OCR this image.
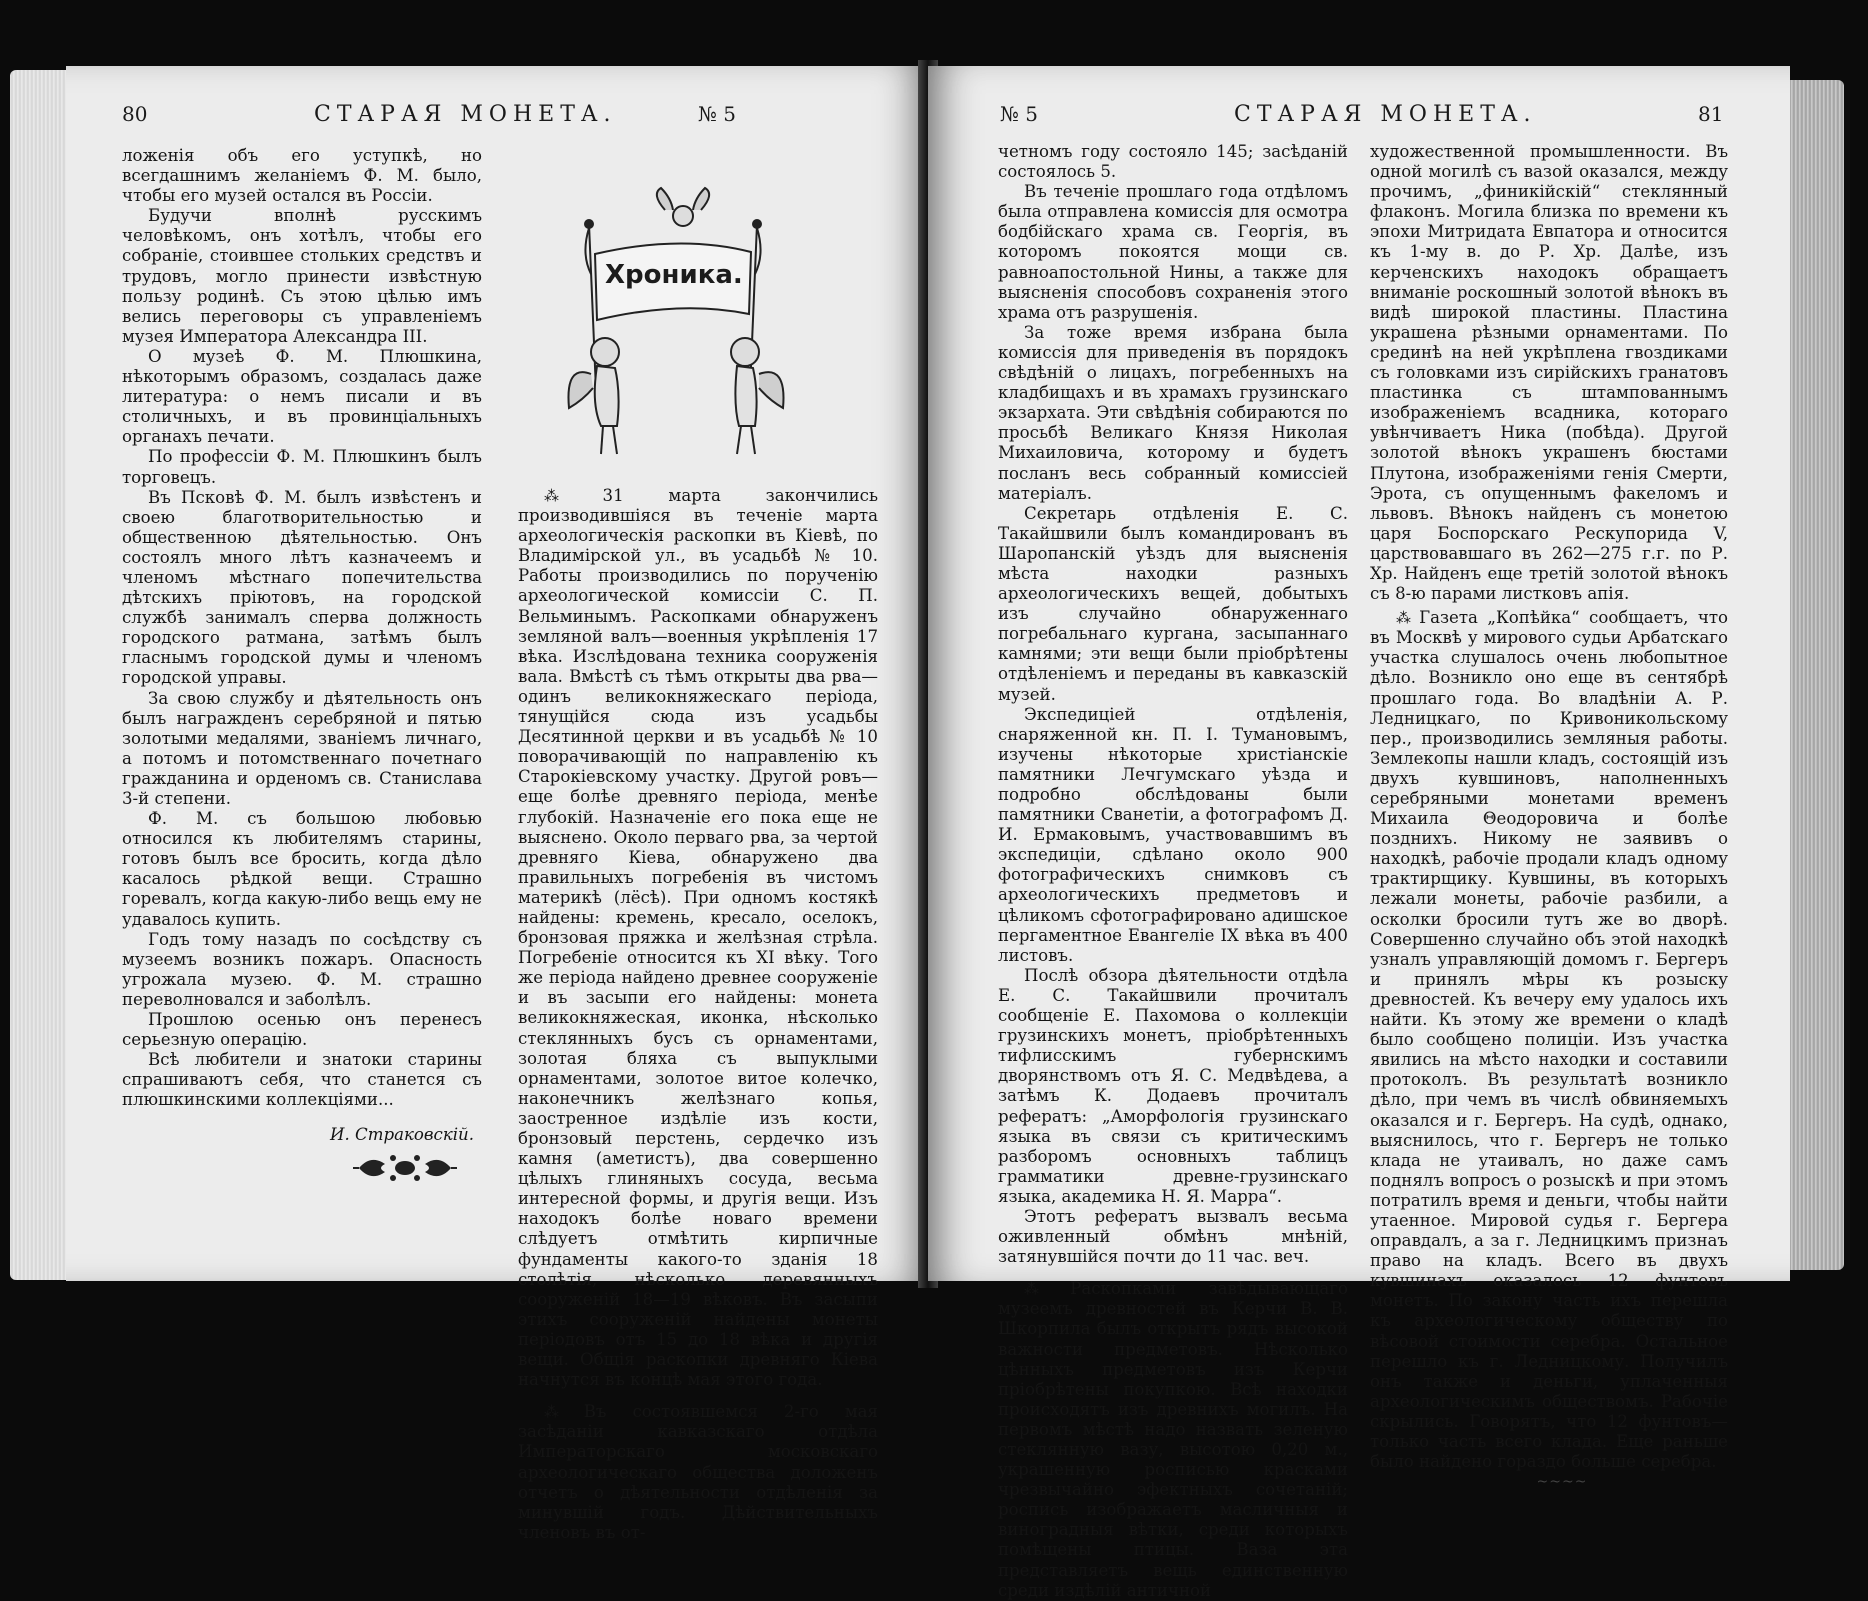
80	СТАРАЯ МОНЕТА.	№ 5

ложенія объ его уступкѣ, но всегдашнимъ желаніемъ Ф. М. было, чтобы его музей остался въ Россіи.

Будучи вполнѣ русскимъ человѣкомъ, онъ хотѣлъ, чтобы его собраніе, стоившее стольких средствъ и трудовъ, могло принести извѣстную пользу родинѣ. Съ этою цѣлью имъ велись переговоры съ управленіемъ музея Императора Александра III.

О музеѣ Ф. М. Плюшкина, нѣкоторымъ образомъ, создалась даже литература: о немъ писали и въ столичныхъ, и въ провинціальныхъ органахъ печати.

По профессіи Ф. М. Плюшкинъ былъ торговецъ.

Въ Псковѣ Ф. М. былъ извѣстенъ и своею благотворительностью и общественною дѣятельностью. Онъ состоялъ много лѣтъ казначеемъ и членомъ мѣстнаго попечительства дѣтскихъ пріютовъ, на городской службѣ занималъ сперва должность городского ратмана, затѣмъ былъ гласнымъ городской думы и членомъ городской управы.

За свою службу и дѣятельность онъ былъ награжденъ серебряной и пятью золотыми медалями, званіемъ личнаго, а потомъ и потомственнаго почетнаго гражданина и орденомъ св. Станислава 3-й степени.

Ф. М. съ большою любовью относился къ любителямъ старины, готовъ былъ все бросить, когда дѣло касалось рѣдкой вещи. Страшно горевалъ, когда какую-либо вещь ему не удавалось купить.

Годъ тому назадъ по сосѣдству съ музеемъ возникъ пожаръ. Опасность угрожала музею. Ф. М. страшно переволновался и заболѣлъ.

Прошлою осенью онъ перенесъ серьезную операцію.

Всѣ любители и знатоки старины спрашиваютъ себя, что станется съ плюшкинскими коллекціями...

И. Страковскій.

Хроника.

⁂ 31 марта закончились производившіяся въ теченіе марта археологическія раскопки въ Кіевѣ, по Владимірской ул., въ усадьбѣ № 10. Работы производились по порученію археологической комиссіи С. П. Вельминымъ. Раскопками обнаруженъ земляной валъ—военныя укрѣпленія 17 вѣка. Изслѣдована техника сооруженія вала. Вмѣстѣ съ тѣмъ открыты два рва—одинъ великокняжескаго періода, тянущійся сюда изъ усадьбы Десятинной церкви и въ усадьбѣ № 10 поворачивающій по направленію къ Старокіевскому участку. Другой ровъ—еще болѣе древняго періода, менѣе глубокій. Назначеніе его пока еще не выяснено. Около перваго рва, за чертой древняго Кіева, обнаружено два правильныхъ погребенія въ чистомъ материкѣ (лёсѣ). При одномъ костякѣ найдены: кремень, кресало, оселокъ, бронзовая пряжка и желѣзная стрѣла. Погребеніе относится къ XI вѣку. Того же періода найдено древнее сооруженіе и въ засыпи его найдены: монета великокняжеская, иконка, нѣсколько стеклянныхъ бусъ съ орнаментами, золотая бляха съ выпуклыми орнаментами, золотое витое колечко, наконечникъ желѣзнаго копья, заостренное издѣліе изъ кости, бронзовый перстень, сердечко изъ камня (аметистъ), два совершенно цѣлыхъ глиняныхъ сосуда, весьма интересной формы, и другія вещи. Изъ находокъ болѣе новаго времени слѣдуетъ отмѣтить кирпичные фундаменты какого-то зданія 18 столѣтія, нѣсколько деревянныхъ сооруженій 18—19 вѣковъ. Въ засыпи этихъ сооруженій найдены монеты періодовъ отъ 15 до 18 вѣка и другія вещи. Общія раскопки древняго Кіева начнутся въ концѣ мая этого года.

⁂ Въ состоявшемся 2-го мая засѣданіи кавказскаго отдѣла Императорскаго московскаго археологическаго общества доложенъ отчетъ о дѣятельности отдѣленія за минувшій годъ. Дѣйствительныхъ членовъ въ от-

№ 5	СТАРАЯ МОНЕТА.	81

четномъ году состояло 145; засѣданій состоялось 5.

Въ теченіе прошлаго года отдѣломъ была отправлена комиссія для осмотра бодбійскаго храма св. Георгія, въ которомъ покоятся мощи св. равноапостольной Нины, а также для выясненія способовъ сохраненія этого храма отъ разрушенія.

За тоже время избрана была комиссія для приведенія въ порядокъ свѣдѣній о лицахъ, погребенныхъ на кладбищахъ и въ храмахъ грузинскаго экзархата. Эти свѣдѣнія собираются по просьбѣ Великаго Князя Николая Михаиловича, которому и будетъ посланъ весь собранный комиссіей матеріалъ.

Секретарь отдѣленія Е. С. Такайшвили былъ командированъ въ Шаропанскій уѣздъ для выясненія мѣста находки разныхъ археологическихъ вещей, добытыхъ изъ случайно обнаруженнаго погребальнаго кургана, засыпаннаго камнями; эти вещи были пріобрѣтены отдѣленіемъ и переданы въ кавказскій музей.

Экспедиціей отдѣленія, снаряженной кн. П. І. Тумановымъ, изучены нѣкоторые христіанскіе памятники Лечгумскаго уѣзда и подробно обслѣдованы были памятники Сванетіи, а фотографомъ Д. И. Ермаковымъ, участвовавшимъ въ экспедиціи, сдѣлано около 900 фотографическихъ снимковъ съ археологическихъ предметовъ и цѣликомъ сфотографировано адишское пергаментное Евангеліе IX вѣка въ 400 листовъ.

Послѣ обзора дѣятельности отдѣла Е. С. Такайшвили прочиталъ сообщеніе Е. Пахомова о коллекціи грузинскихъ монетъ, пріобрѣтенныхъ тифлисскимъ губернскимъ дворянствомъ отъ Я. С. Медвѣдева, а затѣмъ К. Додаевъ прочиталъ рефератъ: „Аморфологія грузинскаго языка въ связи съ критическимъ разборомъ основныхъ таблицъ грамматики древне-грузинскаго языка, академика Н. Я. Марра“.

Этотъ рефератъ вызвалъ весьма оживленный обмѣнъ мнѣній, затянувшійся почти до 11 час. веч.

⁂ Раскопками завѣдывающаго музеемъ древностей въ Керчи В. В. Шкорпила былъ открытъ рядъ высокой важности предметовъ. Нѣсколько цѣнныхъ предметовъ изъ Керчи пріобрѣтены покупкою. Всѣ находки происходятъ изъ древнихъ могилъ. На первомъ мѣстѣ надо назвать зеленую стеклянную вазу, высотою 0,20 м., украшенную росписью красками чрезвычайно эфектныхъ сочетаній; роспись изображаетъ масличныя и виноградныя вѣтки, среди которыхъ помѣщены птицы. Ваза эта представляетъ вещь единственную среди издѣлій античной

художественной промышленности. Въ одной могилѣ съ вазой оказался, между прочимъ, „финикійскій“ стеклянный флаконъ. Могила близка по времени къ эпохи Митридата Евпатора и относится къ 1-му в. до Р. Хр. Далѣе, изъ керченскихъ находокъ обращаетъ вниманіе роскошный золотой вѣнокъ въ видѣ широкой пластины. Пластина украшена рѣзными орнаментами. По срединѣ на ней укрѣплена гвоздиками съ головками изъ сирійскихъ гранатовъ пластинка съ штампованнымъ изображеніемъ всадника, котораго увѣнчиваетъ Ника (побѣда). Другой золотой вѣнокъ украшенъ бюстами Плутона, изображеніями генія Смерти, Эрота, съ опущеннымъ факеломъ и львовъ. Вѣнокъ найденъ съ монетою царя Боспорскаго Рескупорида V, царствовавшаго въ 262—275 г.г. по Р. Хр. Найденъ еще третій золотой вѣнокъ съ 8-ю парами листковъ апія.

⁂ Газета „Копѣйка“ сообщаетъ, что въ Москвѣ у мирового судьи Арбатскаго участка слушалось очень любопытное дѣло. Возникло оно еще въ сентябрѣ прошлаго года. Во владѣніи А. Р. Ледницкаго, по Кривоникольскому пер., производились земляныя работы. Землекопы нашли кладъ, состоящій изъ двухъ кувшиновъ, наполненныхъ серебряными монетами временъ Михаила Θеодоровича и болѣе позднихъ. Никому не заявивъ о находкѣ, рабочіе продали кладъ одному трактирщику. Кувшины, въ которыхъ лежали монеты, рабочіе разбили, а осколки бросили тутъ же во дворѣ. Совершенно случайно объ этой находкѣ узналъ управляющій домомъ г. Бергеръ и принялъ мѣры къ розыску древностей. Къ вечеру ему удалось ихъ найти. Къ этому же времени о кладѣ было сообщено полиціи. Изъ участка явились на мѣсто находки и составили протоколъ. Въ результатѣ возникло дѣло, при чемъ въ числѣ обвиняемыхъ оказался и г. Бергеръ. На судѣ, однако, выяснилось, что г. Бергеръ не только клада не утаивалъ, но даже самъ поднялъ вопросъ о розыскѣ и при этомъ потратилъ время и деньги, чтобы найти утаенное. Мировой судья г. Бергера оправдалъ, а за г. Ледницкимъ признаъ право на кладъ. Всего въ двухъ кувшинахъ оказалось 12 фунтовъ монетъ. По закону часть ихъ перешла къ археологическому обществу по вѣсовой стоимости серебра. Остальное перешло къ г. Ледницкому. Получилъ онъ также и деньги, уплаченныя археологическимъ обществомъ. Рабочіе скрылись. Говорятъ, что 12 фунтовъ—только часть всего клада. Еще раньше было найдено гораздо больше серебра.

~~~~
